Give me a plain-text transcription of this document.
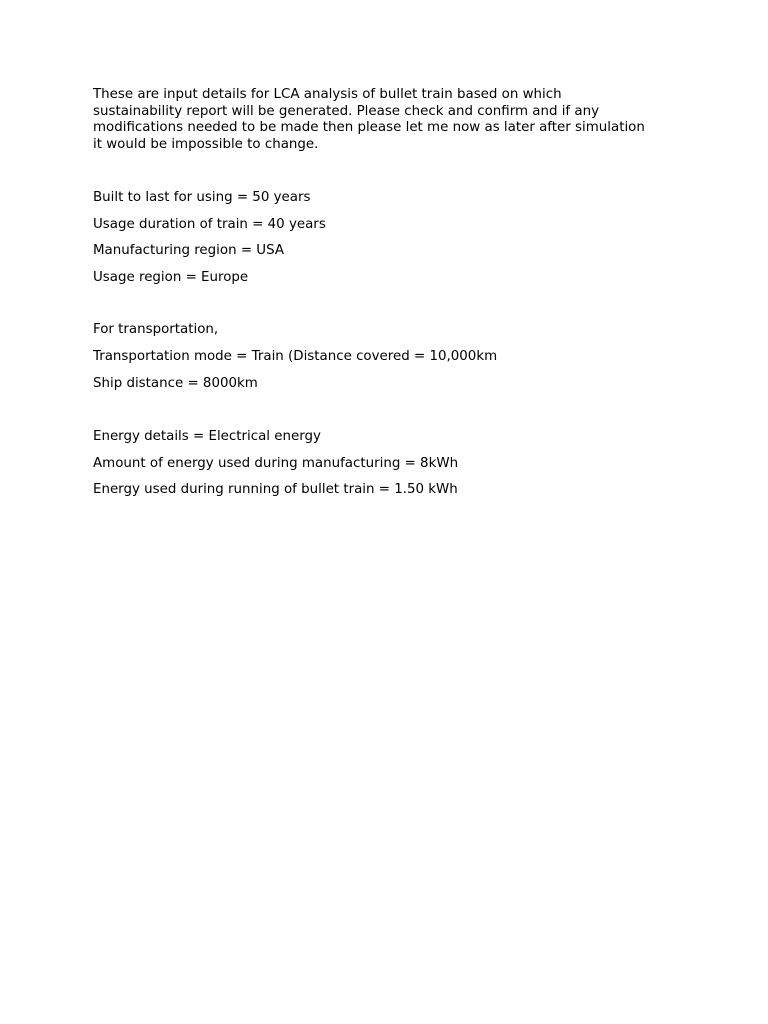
These are input details for LCA analysis of bullet train based on which sustainability report will be generated. Please check and confirm and if any modifications needed to be made then please let me now as later after simulation it would be impossible to change.

Built to last for using = 50 years

Usage duration of train = 40 years

Manufacturing region = USA

Usage region = Europe

For transportation,

Transportation mode = Train (Distance covered = 10,000km

Ship distance = 8000km

Energy details = Electrical energy

Amount of energy used during manufacturing = 8kWh

Energy used during running of bullet train = 1.50 kWh
